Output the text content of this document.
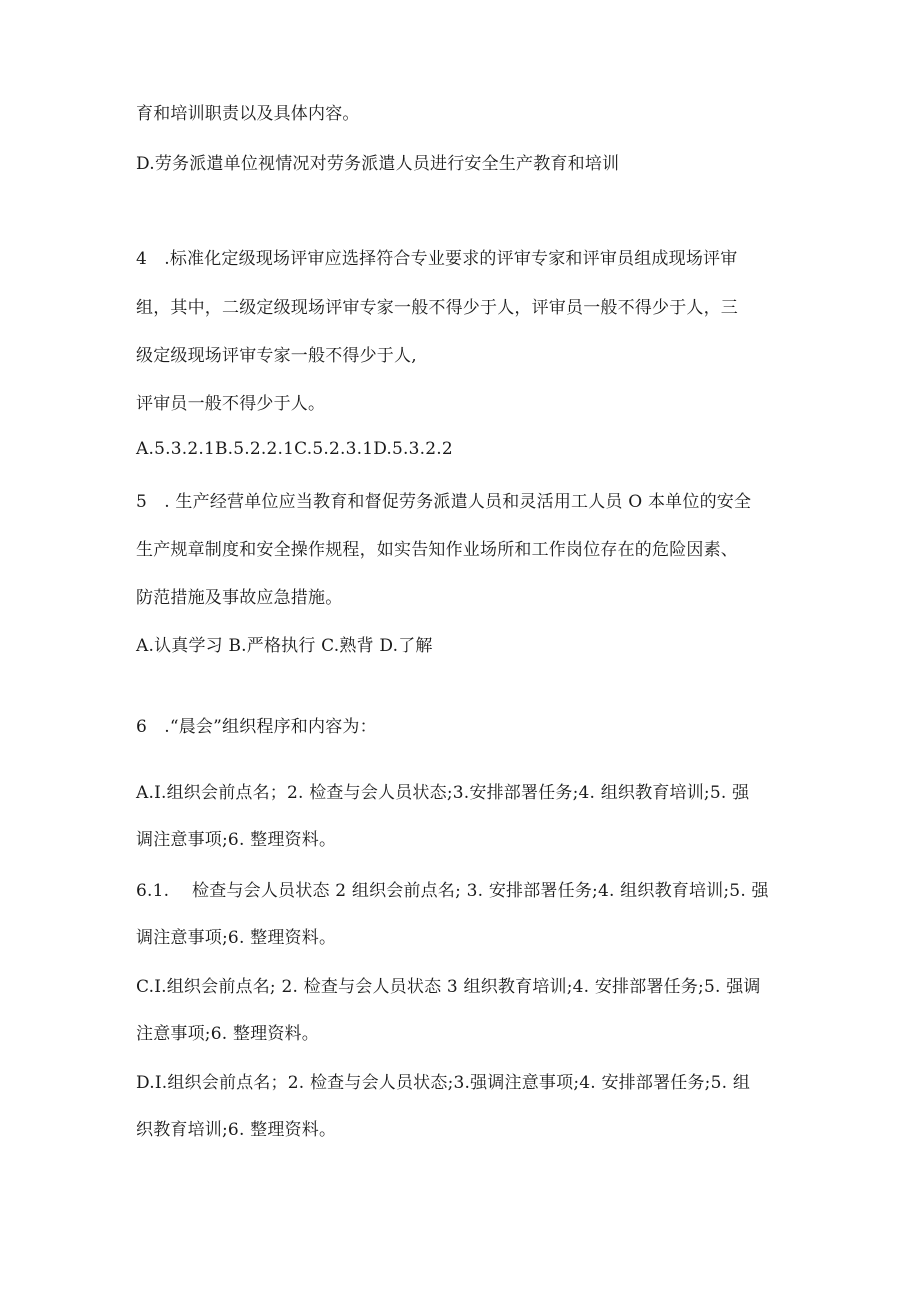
育和培训职责以及具体内容。
D.劳务派遣单位视情况对劳务派遣人员进行安全生产教育和培训
4　.标准化定级现场评审应选择符合专业要求的评审专家和评审员组成现场评审
组，其中，二级定级现场评审专家一般不得少于人，评审员一般不得少于人，三
级定级现场评审专家一般不得少于人,
评审员一般不得少于人。
A.5.3.2.1B.5.2.2.1C.5.2.3.1D.5.3.2.2
5　. 生产经营单位应当教育和督促劳务派遣人员和灵活用工人员 O 本单位的安全
生产规章制度和安全操作规程，如实告知作业场所和工作岗位存在的危险因素、
防范措施及事故应急措施。
A.认真学习 B.严格执行 C.熟背 D.了解
6　.“晨会”组织程序和内容为：
A.I.组织会前点名；2. 检查与会人员状态;3.安排部署任务;4. 组织教育培训;5. 强
调注意事项;6. 整理资料。
6.1.　 检查与会人员状态 2 组织会前点名; 3. 安排部署任务;4. 组织教育培训;5. 强
调注意事项;6. 整理资料。
C.I.组织会前点名; 2. 检查与会人员状态 3 组织教育培训;4. 安排部署任务;5. 强调
注意事项;6. 整理资料。
D.I.组织会前点名；2. 检查与会人员状态;3.强调注意事项;4. 安排部署任务;5. 组
织教育培训;6. 整理资料。
